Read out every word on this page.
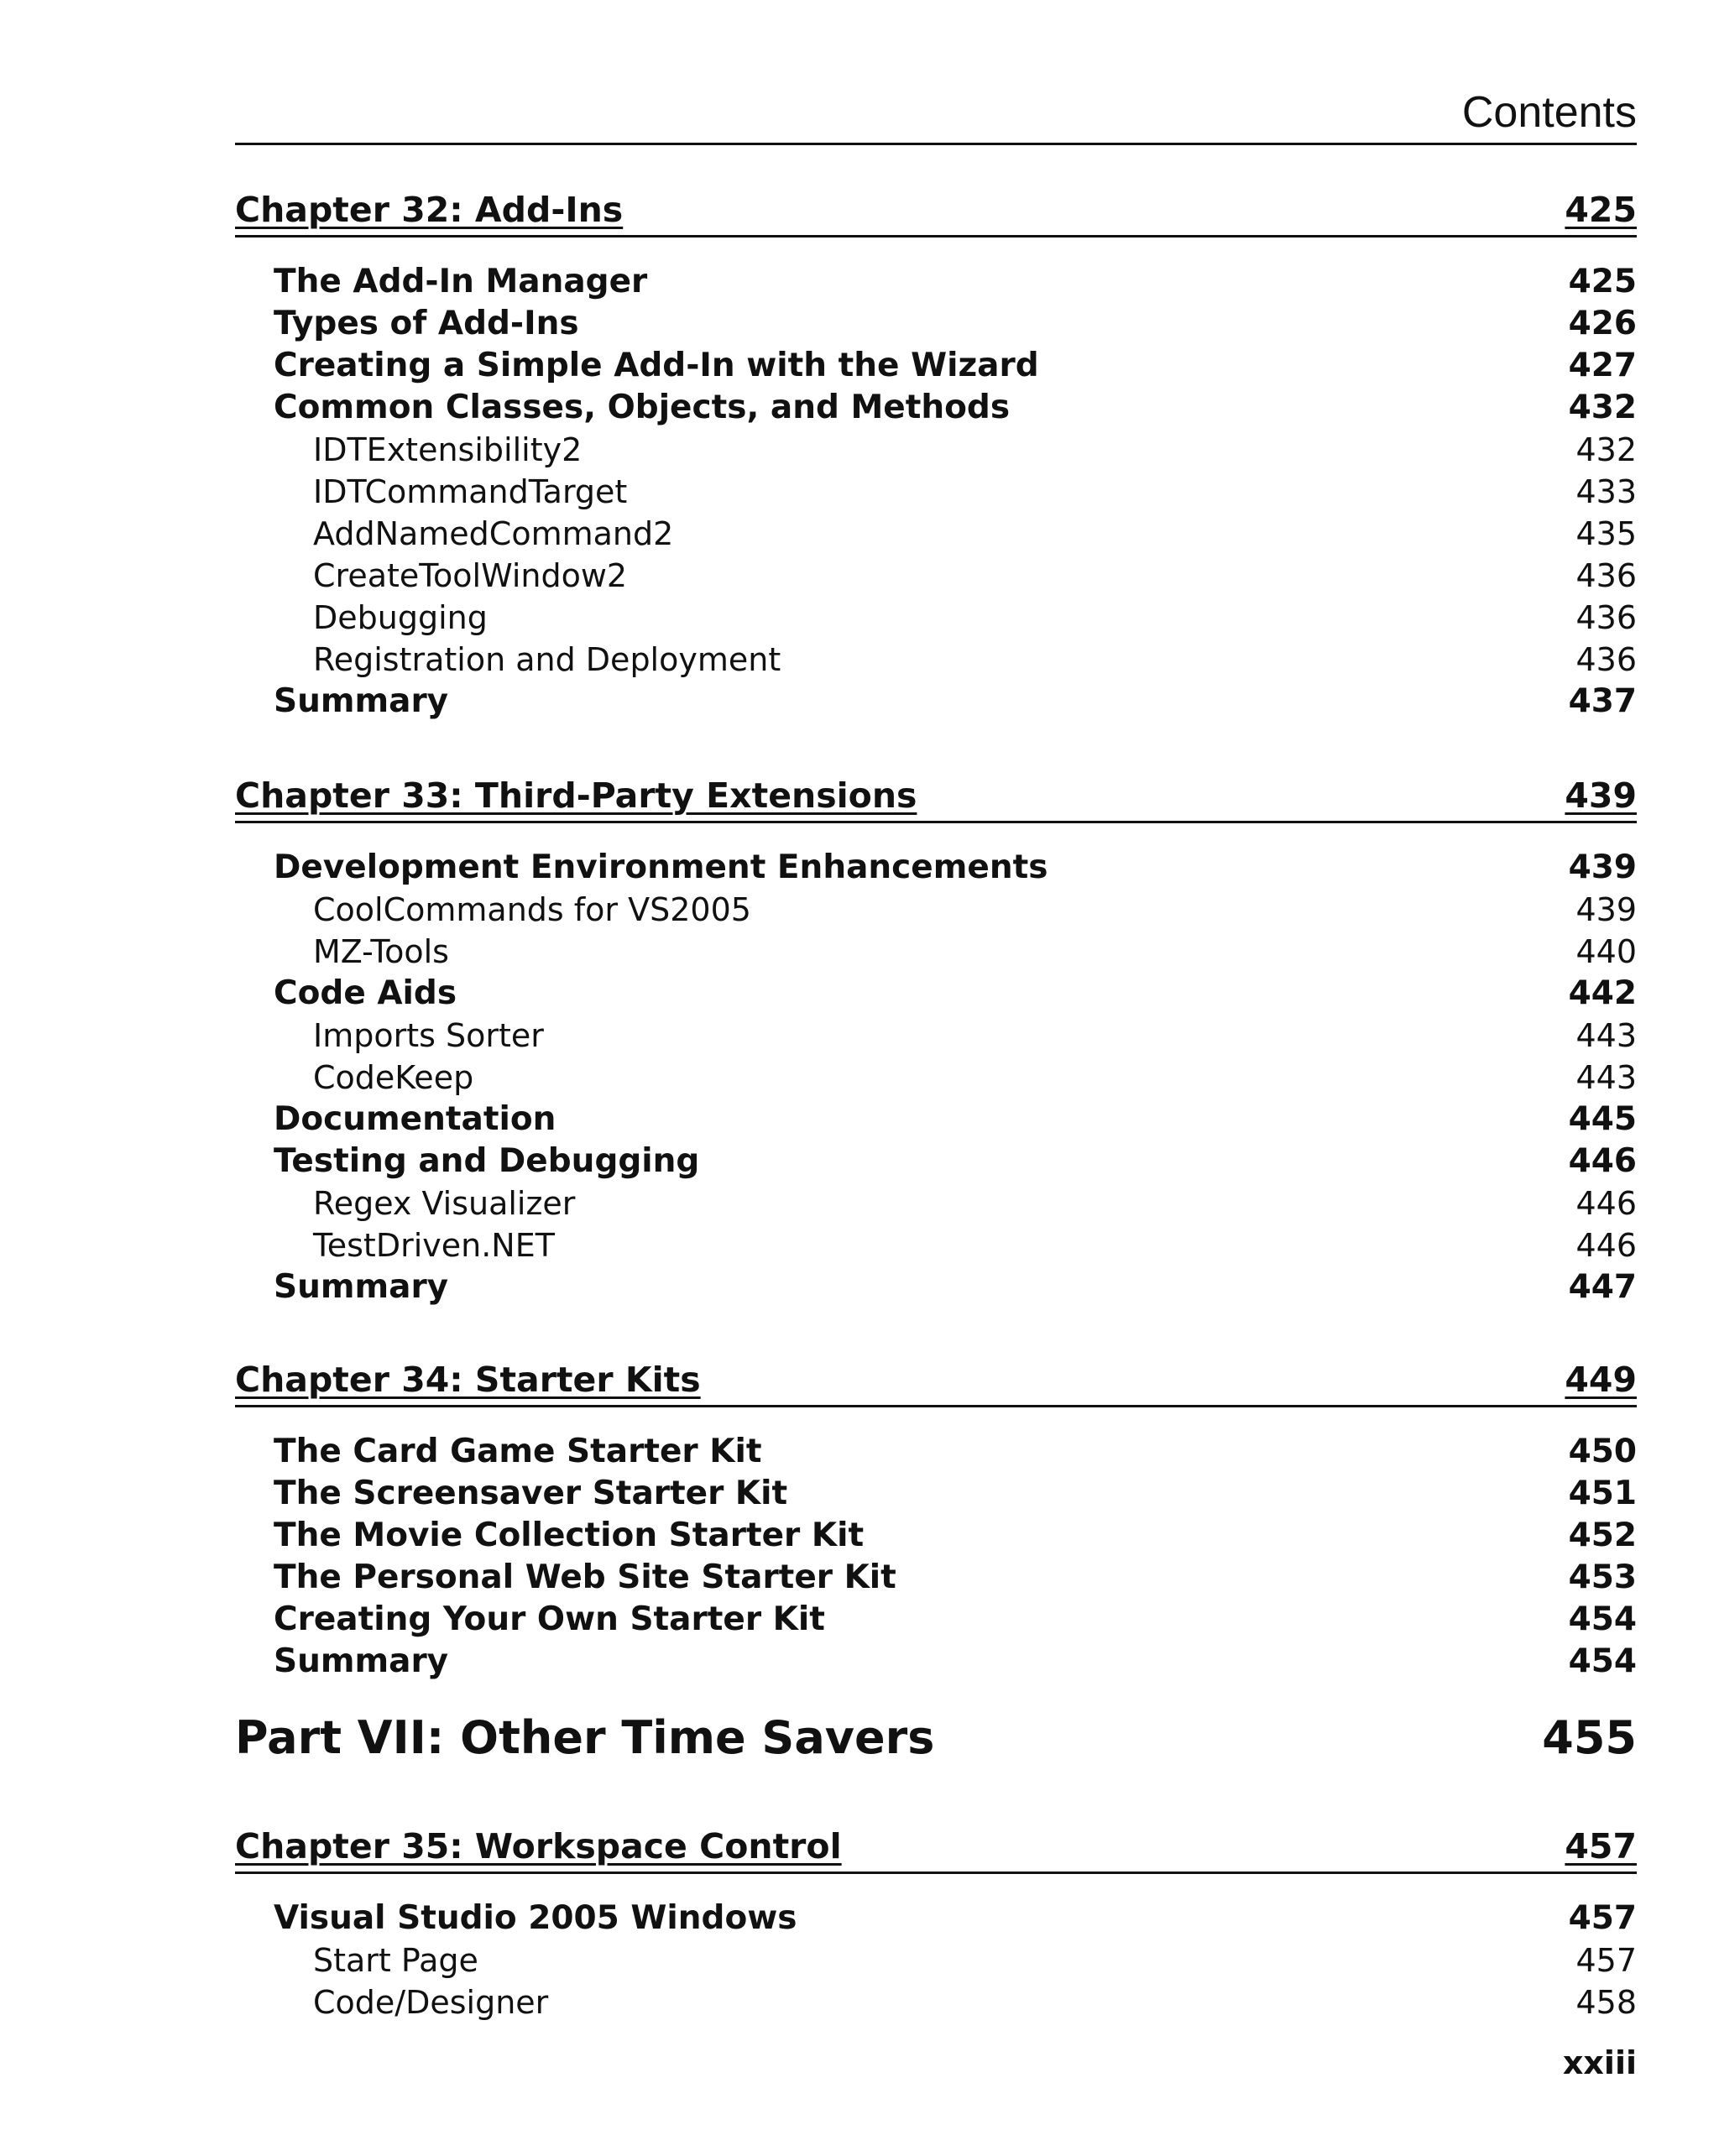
Contents
Chapter 32: Add-Ins	425
The Add-In Manager	425
Types of Add-Ins	426
Creating a Simple Add-In with the Wizard	427
Common Classes, Objects, and Methods	432
IDTExtensibility2	432
IDTCommandTarget	433
AddNamedCommand2	435
CreateToolWindow2	436
Debugging	436
Registration and Deployment	436
Summary	437
Chapter 33: Third-Party Extensions	439
Development Environment Enhancements	439
CoolCommands for VS2005	439
MZ-Tools	440
Code Aids	442
Imports Sorter	443
CodeKeep	443
Documentation	445
Testing and Debugging	446
Regex Visualizer	446
TestDriven.NET	446
Summary	447
Chapter 34: Starter Kits	449
The Card Game Starter Kit	450
The Screensaver Starter Kit	451
The Movie Collection Starter Kit	452
The Personal Web Site Starter Kit	453
Creating Your Own Starter Kit	454
Summary	454
Part VII: Other Time Savers	455
Chapter 35: Workspace Control	457
Visual Studio 2005 Windows	457
Start Page	457
Code/Designer	458
xxiii
